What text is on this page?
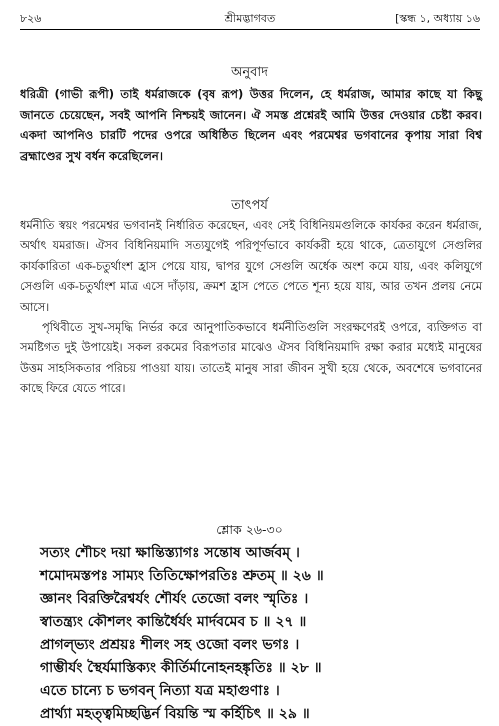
৮২৬	শ্রীমদ্ভাগবত	[স্কন্ধ ১, অধ্যায় ১৬
অনুবাদ
ধরিত্রী (গাভী রূপী) তাই ধর্মরাজকে (বৃষ রূপ) উত্তর দিলেন, হে ধর্মরাজ, আমার কাছে যা কিছু জানতে চেয়েছেন, সবই আপনি নিশ্চয়ই জানেন। ঐ সমস্ত প্রশ্নেরই আমি উত্তর দেওয়ার চেষ্টা করব। একদা আপনিও চারটি পদের ওপরে অধিষ্ঠিত ছিলেন এবং পরমেশ্বর ভগবানের কৃপায় সারা বিশ্ব ব্রহ্মাণ্ডের সুখ বর্ধন করেছিলেন।
তাৎপর্য

ধর্মনীতি স্বয়ং পরমেশ্বর ভগবানই নির্ধারিত করেছেন, এবং সেই বিধিনিয়মগুলিকে কার্যকর করেন ধর্মরাজ, অর্থাৎ যমরাজ। ঐসব বিধিনিয়মাদি সত্যযুগেই পরিপূর্ণভাবে কার্যকরী হয়ে থাকে, ত্রেতাযুগে সেগুলির কার্যকারিতা এক-চতুর্থাংশ হ্রাস পেয়ে যায়, দ্বাপর যুগে সেগুলি অর্ধেক অংশ কমে যায়, এবং কলিযুগে সেগুলি এক-চতুর্থাংশ মাত্র এসে দাঁড়ায়, ক্রমশ হ্রাস পেতে পেতে শূন্য হয়ে যায়, আর তখন প্রলয় নেমে আসে।

পৃথিবীতে সুখ-সমৃদ্ধি নির্ভর করে আনুপাতিকভাবে ধর্মনীতিগুলি সংরক্ষণেরই ওপরে, ব্যক্তিগত বা সমষ্টিগত দুই উপায়েই। সকল রকমের বিরূপতার মাঝেও ঐসব বিধিনিয়মাদি রক্ষা করার মধ্যেই মানুষের উত্তম সাহসিকতার পরিচয় পাওয়া যায়। তাতেই মানুষ সারা জীবন সুখী হয়ে থেকে, অবশেষে ভগবানের কাছে ফিরে যেতে পারে।

শ্লোক ২৬-৩০
সত্যং শৌচং দয়া ক্ষান্তিস্ত্যাগঃ সন্তোষ আর্জবম্ ।
শমোদমস্তপঃ সাম্যং তিতিক্ষোপরতিঃ শ্রুতম্ ॥ ২৬ ॥
জ্ঞানং বিরক্তিরৈশ্বর্যং শৌর্যং তেজো বলং স্মৃতিঃ ।
স্বাতন্ত্র্যং কৌশলং কান্তির্ধৈর্যং মার্দবমেব চ ॥ ২৭ ॥
প্রাগল্‌ভ্যং প্রশ্রয়ঃ শীলং সহ ওজো বলং ভগঃ ।
গাম্ভীর্যং স্থৈর্যমাস্তিক্যং কীর্তির্মানোহনহঙ্কৃতিঃ ॥ ২৮ ॥
এতে চান্যে চ ভগবন্ নিত্যা যত্র মহাগুণাঃ ।
প্রার্থ্যা মহত্ত্বমিচ্ছদ্ভির্ন বিয়ন্তি স্ম কর্হিচিৎ ॥ ২৯ ॥
